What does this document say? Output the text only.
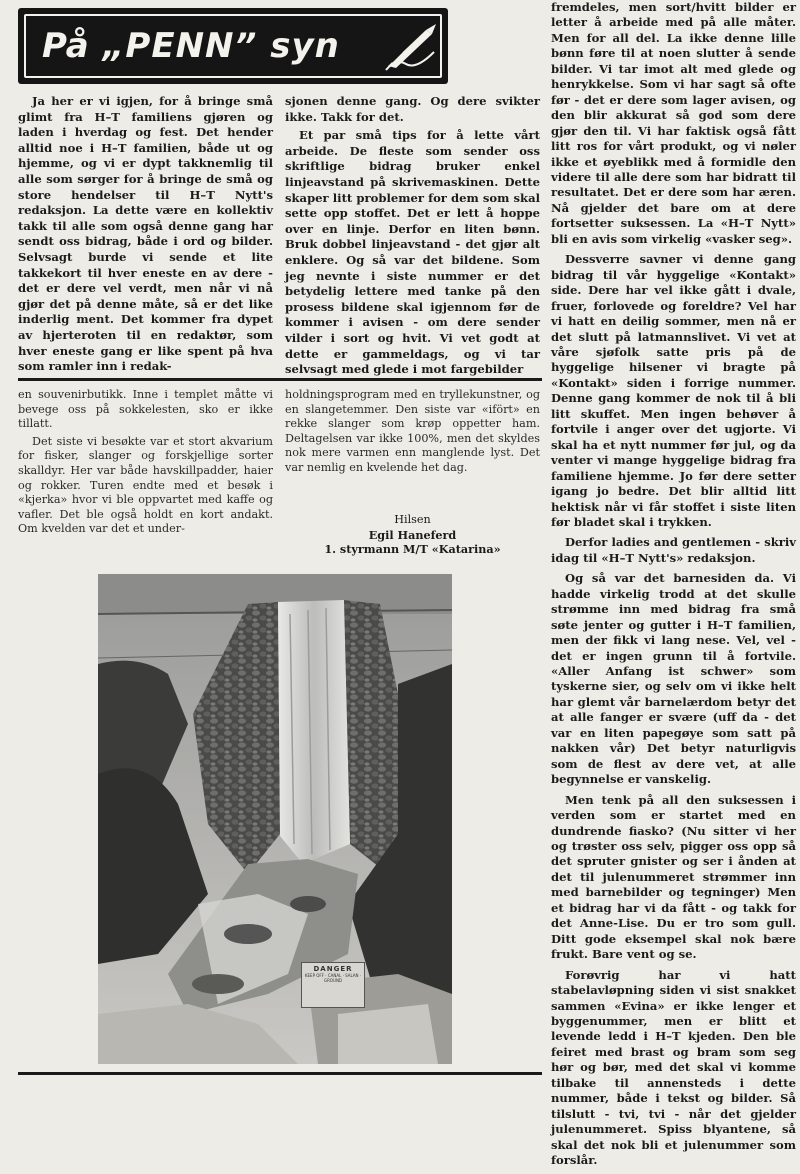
På „PENN” syn

Ja her er vi igjen, for å bringe små glimt fra H–T familiens gjøren og laden i hverdag og fest. Det hender alltid noe i H–T familien, både ut og hjemme, og vi er dypt takknemlig til alle som sørger for å bringe de små og store hendelser til H–T Nytt's redaksjon. La dette være en kollektiv takk til alle som også denne gang har sendt oss bidrag, både i ord og bilder. Selvsagt burde vi sende et lite takkekort til hver eneste en av dere - det er dere vel verdt, men når vi nå gjør det på denne måte, så er det like inderlig ment. Det kommer fra dypet av hjerteroten til en redaktør, som hver eneste gang er like spent på hva som ramler inn i redak-

sjonen denne gang. Og dere svikter ikke. Takk for det.

Et par små tips for å lette vårt arbeide. De fleste som sender oss skriftlige bidrag bruker enkel linjeavstand på skrivemaskinen. Dette skaper litt problemer for dem som skal sette opp stoffet. Det er lett å hoppe over en linje. Derfor en liten bønn. Bruk dobbel linjeavstand - det gjør alt enklere. Og så var det bildene. Som jeg nevnte i siste nummer er det betydelig lettere med tanke på den prosess bildene skal igjennom før de kommer i avisen - om dere sender vilder i sort og hvit. Vi vet godt at dette er gammeldags, og vi tar selvsagt med glede i mot fargebilder

en souvenirbutikk. Inne i templet måtte vi bevege oss på sokkelesten, sko er ikke tillatt.

Det siste vi besøkte var et stort akvarium for fisker, slanger og forskjellige sorter skalldyr. Her var både havskillpadder, haier og rokker. Turen endte med et besøk i «kjerka» hvor vi ble oppvartet med kaffe og vafler. Det ble også holdt en kort andakt. Om kvelden var det et under-

holdningsprogram med en tryllekunstner, og en slangetemmer. Den siste var «ifört» en rekke slanger som krøp oppetter ham. Deltagelsen var ikke 100%, men det skyldes nok mere varmen enn manglende lyst. Det var nemlig en kvelende het dag.

Hilsen
Egil Haneferd
1. styrmann M/T «Katarina»
DANGER
KEEP OFF · CANAL · SALAN · GROUND

fremdeles, men sort/hvitt bilder er letter å arbeide med på alle måter. Men for all del. La ikke denne lille bønn føre til at noen slutter å sende bilder. Vi tar imot alt med glede og henrykkelse. Som vi har sagt så ofte før - det er dere som lager avisen, og den blir akkurat så god som dere gjør den til. Vi har faktisk også fått litt ros for vårt produkt, og vi nøler ikke et øyeblikk med å formidle den videre til alle dere som har bidratt til resultatet. Det er dere som har æren. Nå gjelder det bare om at dere fortsetter suksessen. La «H–T Nytt» bli en avis som virkelig «vasker seg».

Dessverre savner vi denne gang bidrag til vår hyggelige «Kontakt» side. Dere har vel ikke gått i dvale, fruer, forlovede og foreldre? Vel har vi hatt en deilig sommer, men nå er det slutt på latmannslivet. Vi vet at våre sjøfolk satte pris på de hyggelige hilsener vi bragte på «Kontakt» siden i forrige nummer. Denne gang kommer de nok til å bli litt skuffet. Men ingen behøver å fortvile i anger over det ugjorte. Vi skal ha et nytt nummer før jul, og da venter vi mange hyggelige bidrag fra familiene hjemme. Jo før dere setter igang jo bedre. Det blir alltid litt hektisk når vi får stoffet i siste liten før bladet skal i trykken.

Derfor ladies and gentlemen - skriv idag til «H–T Nytt's» redaksjon.

Og så var det barnesiden da. Vi hadde virkelig trodd at det skulle strømme inn med bidrag fra små søte jenter og gutter i H–T familien, men der fikk vi lang nese. Vel, vel - det er ingen grunn til å fortvile. «Aller Anfang ist schwer» som tyskerne sier, og selv om vi ikke helt har glemt vår barnelærdom betyr det at alle fanger er svære (uff da - det var en liten papegøye som satt på nakken vår) Det betyr naturligvis som de flest av dere vet, at alle begynnelse er vanskelig.

Men tenk på all den suksessen i verden som er startet med en dundrende fiasko? (Nu sitter vi her og trøster oss selv, pigger oss opp så det spruter gnister og ser i ånden at det til julenummeret strømmer inn med barnebilder og tegninger) Men et bidrag har vi da fått - og takk for det Anne-Lise. Du er tro som gull. Ditt gode eksempel skal nok bære frukt. Bare vent og se.

Forøvrig har vi hatt stabelavløpning siden vi sist snakket sammen «Evina» er ikke lenger et byggenummer, men er blitt et levende ledd i H–T kjeden. Den ble feiret med brast og bram som seg hør og bør, med det skal vi komme tilbake til annensteds i dette nummer, både i tekst og bilder. Så tilslutt - tvi, tvi - når det gjelder julenummeret. Spiss blyantene, så skal det nok bli et julenummer som forslår.
